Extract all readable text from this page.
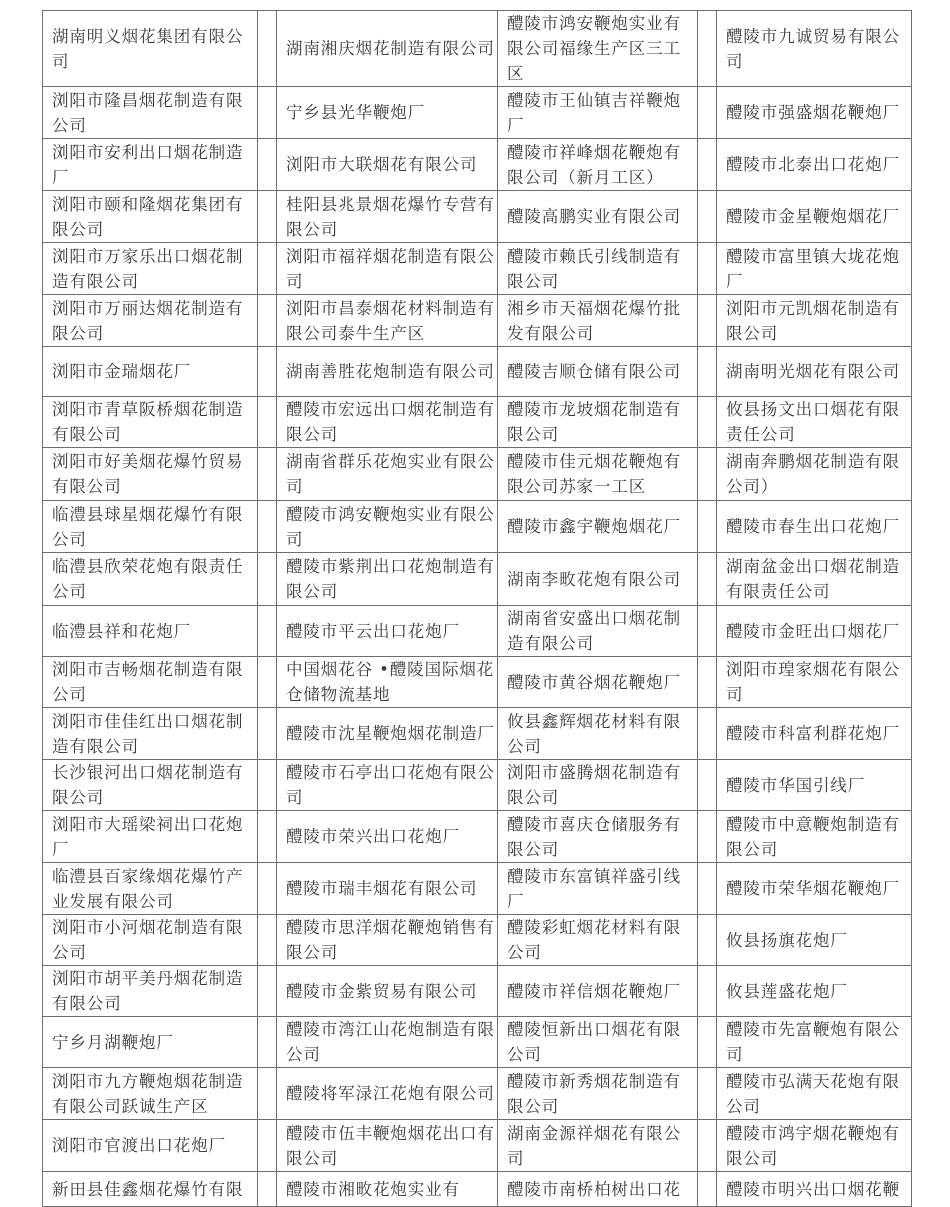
湖南明义烟花集团有限公司		湖南湘庆烟花制造有限公司	醴陵市鸿安鞭炮实业有限公司福缘生产区三工区		醴陵市九诚贸易有限公司
浏阳市隆昌烟花制造有限公司		宁乡县光华鞭炮厂	醴陵市王仙镇吉祥鞭炮厂		醴陵市强盛烟花鞭炮厂
浏阳市安利出口烟花制造厂		浏阳市大联烟花有限公司	醴陵市祥峰烟花鞭炮有限公司（新月工区）		醴陵市北泰出口花炮厂
浏阳市颐和隆烟花集团有限公司		桂阳县兆景烟花爆竹专营有限公司	醴陵高鹏实业有限公司		醴陵市金星鞭炮烟花厂
浏阳市万家乐出口烟花制造有限公司		浏阳市福祥烟花制造有限公司	醴陵市赖氏引线制造有限公司		醴陵市富里镇大垅花炮厂
浏阳市万丽达烟花制造有限公司		浏阳市昌泰烟花材料制造有限公司泰牛生产区	湘乡市天福烟花爆竹批发有限公司		浏阳市元凯烟花制造有限公司
浏阳市金瑞烟花厂		湖南善胜花炮制造有限公司	醴陵吉顺仓储有限公司		湖南明光烟花有限公司
浏阳市青草阪桥烟花制造有限公司		醴陵市宏远出口烟花制造有限公司	醴陵市龙坡烟花制造有限公司		攸县扬文出口烟花有限责任公司
浏阳市好美烟花爆竹贸易有限公司		湖南省群乐花炮实业有限公司	醴陵市佳元烟花鞭炮有限公司苏家一工区		湖南奔鹏烟花制造有限公司）
临澧县球星烟花爆竹有限公司		醴陵市鸿安鞭炮实业有限公司	醴陵市鑫宇鞭炮烟花厂		醴陵市春生出口花炮厂
临澧县欣荣花炮有限责任公司		醴陵市紫荆出口花炮制造有限公司	湖南李畋花炮有限公司		湖南盆金出口烟花制造有限责任公司
临澧县祥和花炮厂		醴陵市平云出口花炮厂	湖南省安盛出口烟花制造有限公司		醴陵市金旺出口烟花厂
浏阳市吉畅烟花制造有限公司		中国烟花谷 •醴陵国际烟花仓储物流基地	醴陵市黄谷烟花鞭炮厂		浏阳市瑝家烟花有限公司
浏阳市佳佳红出口烟花制造有限公司		醴陵市沈星鞭炮烟花制造厂	攸县鑫辉烟花材料有限公司		醴陵市科富利群花炮厂
长沙银河出口烟花制造有限公司		醴陵市石亭出口花炮有限公司	浏阳市盛腾烟花制造有限公司		醴陵市华国引线厂
浏阳市大瑶梁祠出口花炮厂		醴陵市荣兴出口花炮厂	醴陵市喜庆仓储服务有限公司		醴陵市中意鞭炮制造有限公司
临澧县百家缘烟花爆竹产业发展有限公司		醴陵市瑞丰烟花有限公司	醴陵市东富镇祥盛引线厂		醴陵市荣华烟花鞭炮厂
浏阳市小河烟花制造有限公司		醴陵市思洋烟花鞭炮销售有限公司	醴陵彩虹烟花材料有限公司		攸县扬旗花炮厂
浏阳市胡平美丹烟花制造有限公司		醴陵市金紫贸易有限公司	醴陵市祥信烟花鞭炮厂		攸县莲盛花炮厂
宁乡月湖鞭炮厂		醴陵市湾江山花炮制造有限公司	醴陵恒新出口烟花有限公司		醴陵市先富鞭炮有限公司
浏阳市九方鞭炮烟花制造有限公司跃诚生产区		醴陵将军渌江花炮有限公司	醴陵市新秀烟花制造有限公司		醴陵市弘满天花炮有限公司
浏阳市官渡出口花炮厂		醴陵市伍丰鞭炮烟花出口有限公司	湖南金源祥烟花有限公司		醴陵市鸿宇烟花鞭炮有限公司
新田县佳鑫烟花爆竹有限		醴陵市湘畋花炮实业有	醴陵市南桥柏树出口花		醴陵市明兴出口烟花鞭
